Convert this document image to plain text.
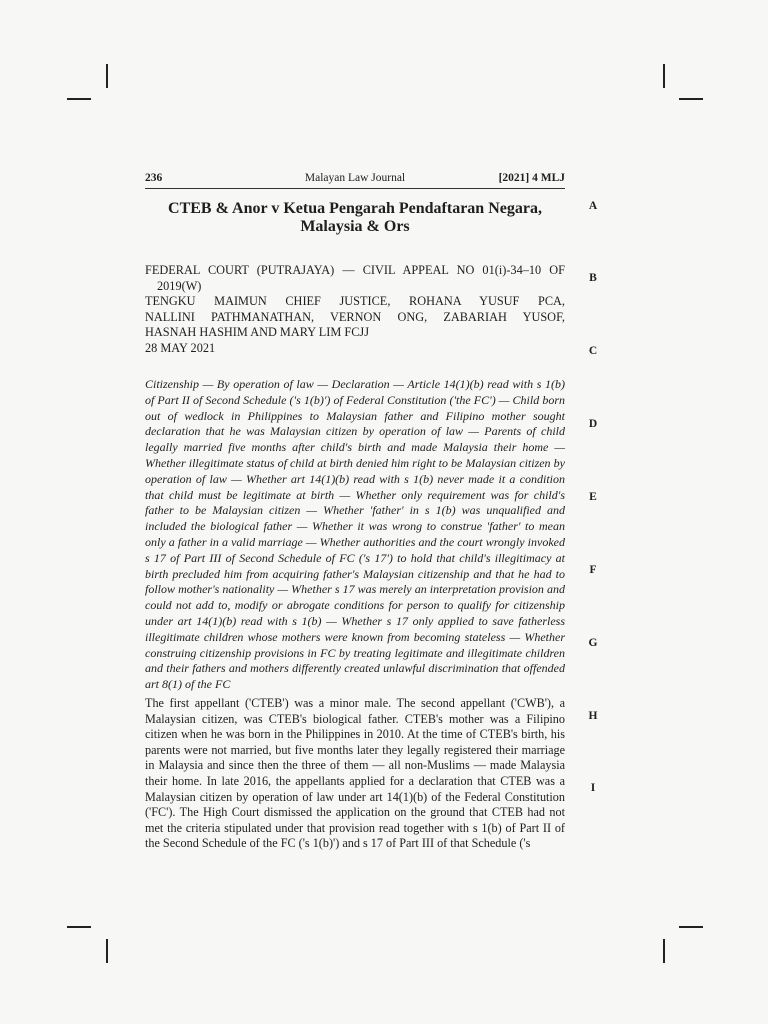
236	Malayan Law Journal	[2021] 4 MLJ
CTEB & Anor v Ketua Pengarah Pendaftaran Negara, Malaysia & Ors
FEDERAL COURT (PUTRAJAYA) — CIVIL APPEAL NO 01(i)-34–10 OF
2019(W)
TENGKU MAIMUN CHIEF JUSTICE, ROHANA YUSUF PCA,
NALLINI PATHMANATHAN, VERNON ONG, ZABARIAH YUSOF,
HASNAH HASHIM AND MARY LIM FCJJ
28 MAY 2021
Citizenship — By operation of law — Declaration — Article 14(1)(b) read with s 1(b) of Part II of Second Schedule ('s 1(b)') of Federal Constitution ('the FC') — Child born out of wedlock in Philippines to Malaysian father and Filipino mother sought declaration that he was Malaysian citizen by operation of law — Parents of child legally married five months after child's birth and made Malaysia their home — Whether illegitimate status of child at birth denied him right to be Malaysian citizen by operation of law — Whether art 14(1)(b) read with s 1(b) never made it a condition that child must be legitimate at birth — Whether only requirement was for child's father to be Malaysian citizen — Whether 'father' in s 1(b) was unqualified and included the biological father — Whether it was wrong to construe 'father' to mean only a father in a valid marriage — Whether authorities and the court wrongly invoked s 17 of Part III of Second Schedule of FC ('s 17') to hold that child's illegitimacy at birth precluded him from acquiring father's Malaysian citizenship and that he had to follow mother's nationality — Whether s 17 was merely an interpretation provision and could not add to, modify or abrogate conditions for person to qualify for citizenship under art 14(1)(b) read with s 1(b) — Whether s 17 only applied to save fatherless illegitimate children whose mothers were known from becoming stateless — Whether construing citizenship provisions in FC by treating legitimate and illegitimate children and their fathers and mothers differently created unlawful discrimination that offended art 8(1) of the FC
The first appellant ('CTEB') was a minor male. The second appellant ('CWB'), a Malaysian citizen, was CTEB's biological father. CTEB's mother was a Filipino citizen when he was born in the Philippines in 2010. At the time of CTEB's birth, his parents were not married, but five months later they legally registered their marriage in Malaysia and since then the three of them — all non-Muslims — made Malaysia their home. In late 2016, the appellants applied for a declaration that CTEB was a Malaysian citizen by operation of law under art 14(1)(b) of the Federal Constitution ('FC'). The High Court dismissed the application on the ground that CTEB had not met the criteria stipulated under that provision read together with s 1(b) of Part II of the Second Schedule of the FC ('s 1(b)') and s 17 of Part III of that Schedule ('s
A
B
C
D
E
F
G
H
I
